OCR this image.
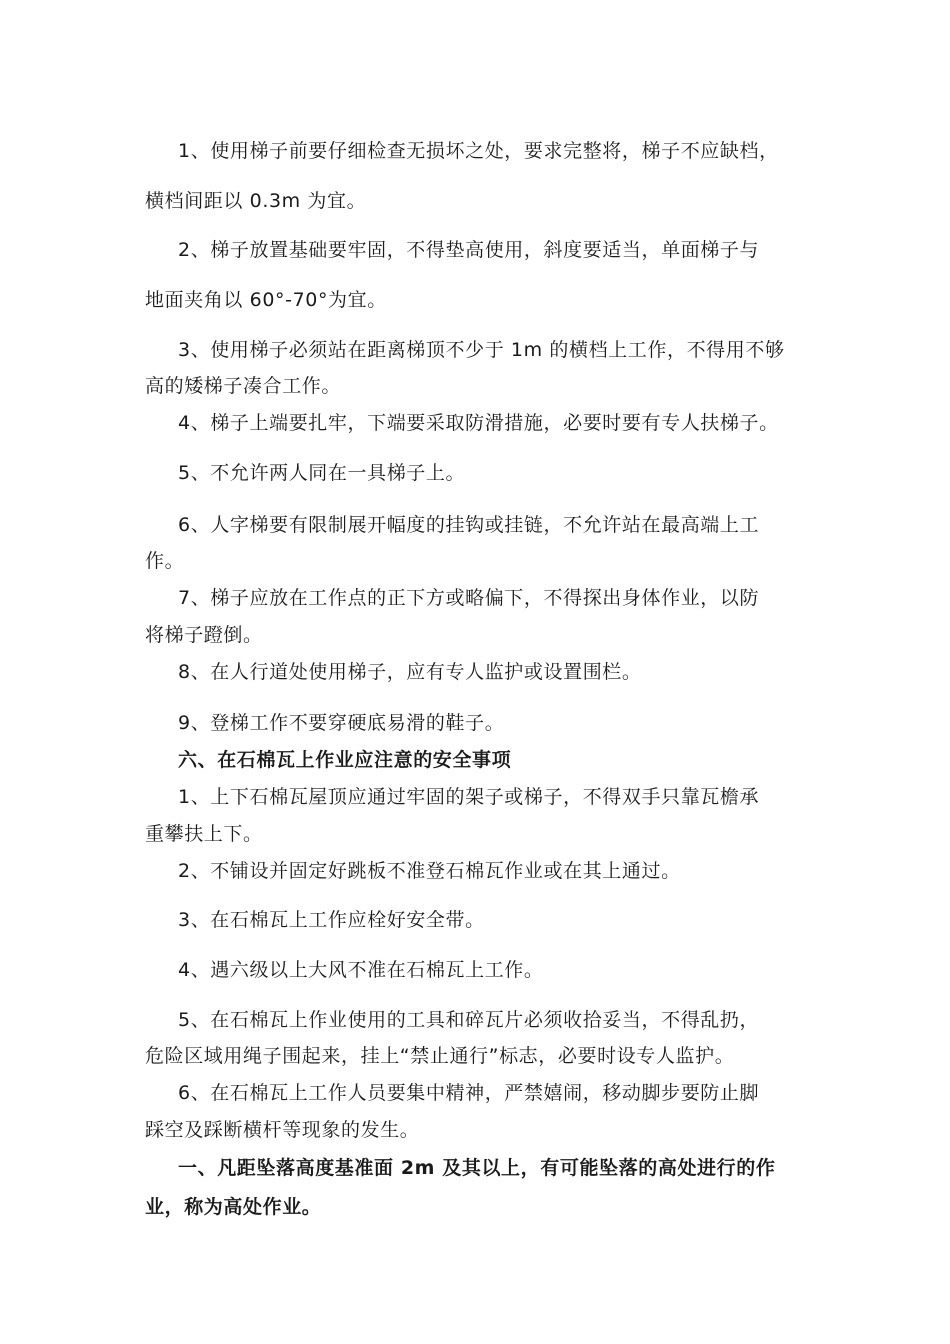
1、使用梯子前要仔细检查无损坏之处，要求完整将，梯子不应缺档，
横档间距以 0.3m 为宜。
2、梯子放置基础要牢固，不得垫高使用，斜度要适当，单面梯子与
地面夹角以 60°-70°为宜。
3、使用梯子必须站在距离梯顶不少于 1m 的横档上工作，不得用不够
高的矮梯子凑合工作。
4、梯子上端要扎牢，下端要采取防滑措施，必要时要有专人扶梯子。
5、不允许两人同在一具梯子上。
6、人字梯要有限制展开幅度的挂钩或挂链，不允许站在最高端上工
作。
7、梯子应放在工作点的正下方或略偏下，不得探出身体作业，以防
将梯子蹬倒。
8、在人行道处使用梯子，应有专人监护或设置围栏。
9、登梯工作不要穿硬底易滑的鞋子。
六、在石棉瓦上作业应注意的安全事项
1、上下石棉瓦屋顶应通过牢固的架子或梯子，不得双手只靠瓦檐承
重攀扶上下。
2、不铺设并固定好跳板不准登石棉瓦作业或在其上通过。
3、在石棉瓦上工作应栓好安全带。
4、遇六级以上大风不准在石棉瓦上工作。
5、在石棉瓦上作业使用的工具和碎瓦片必须收拾妥当，不得乱扔，
危险区域用绳子围起来，挂上“禁止通行”标志，必要时设专人监护。
6、在石棉瓦上工作人员要集中精神，严禁嬉闹，移动脚步要防止脚
踩空及踩断横杆等现象的发生。
一、凡距坠落高度基准面 2m 及其以上，有可能坠落的高处进行的作
业，称为高处作业。
